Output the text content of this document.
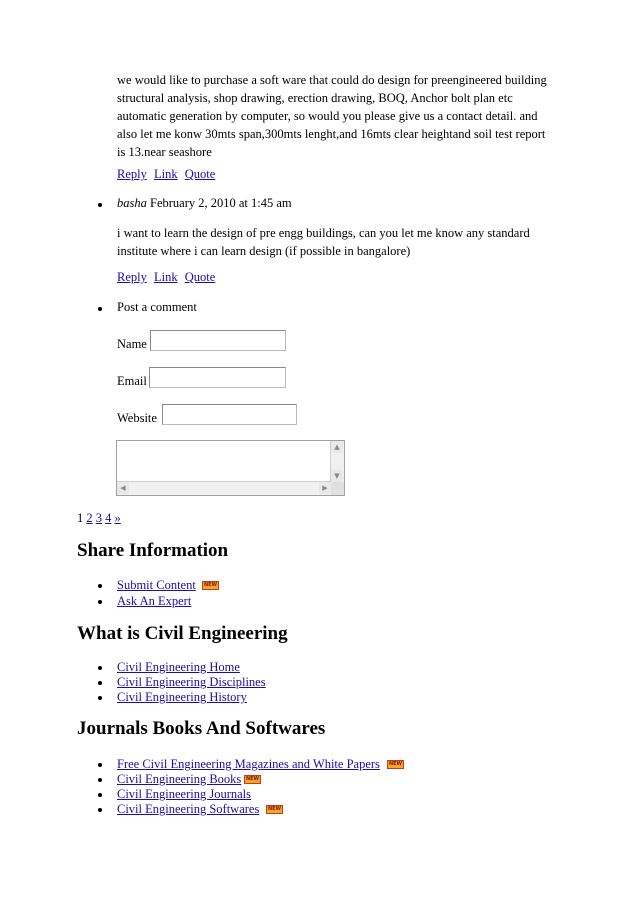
we would like to purchase a soft ware that could do design for preengineered building
structural analysis, shop drawing, erection drawing, BOQ, Anchor bolt plan etc
automatic generation by computer, so would you please give us a contact detail. and
also let me konw 30mts span,300mts lenght,and 16mts clear heightand soil test report
is 13.near seashore
Reply Link Quote
basha February 2, 2010 at 1:45 am
i want to learn the design of pre engg buildings, can you let me know any standard
institute where i can learn design (if possible in bangalore)
Reply Link Quote
Post a comment
Name
Email
Website
▲
▼
◀	▶
1 2 3 4 »
Share Information
Submit Content	NEW
Ask An Expert
What is Civil Engineering
Civil Engineering Home
Civil Engineering Disciplines
Civil Engineering History
Journals Books And Softwares
Free Civil Engineering Magazines and White Papers	NEW
Civil Engineering Books NEW
Civil Engineering Journals
Civil Engineering Softwares	NEW
